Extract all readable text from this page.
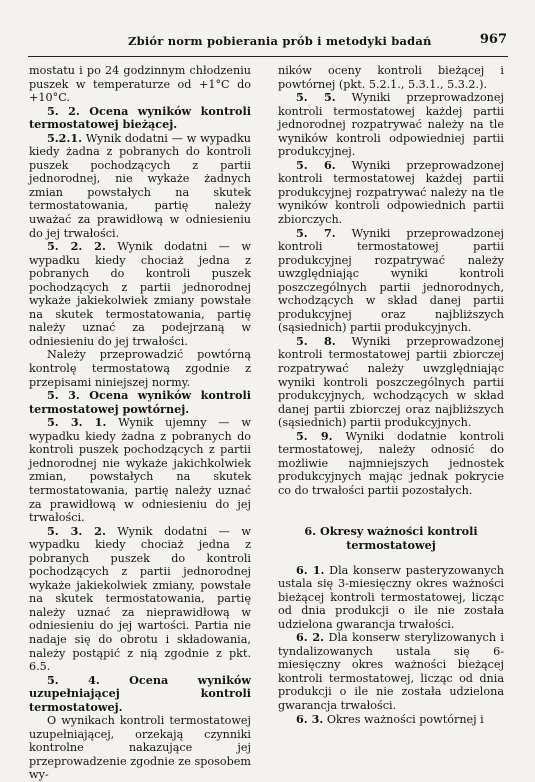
Zbiór norm pobierania prób i metodyki badań	967

mostatu i po 24 godzinnym chłodzeniu puszek w temperaturze od +1°C do +10°C.

5. 2. Ocena wyników kontroli termostatowej bieżącej.

5.2.1. Wynik dodatni — w wypadku kiedy żadna z pobranych do kontroli puszek pochodzących z partii jednorodnej, nie wykaże żadnych zmian powstałych na skutek termostatowania, partię należy uważać za prawidłową w odniesieniu do jej trwałości.

5. 2. 2. Wynik dodatni — w wypadku kiedy chociaż jedna z pobranych do kontroli puszek pochodzących z partii jednorodnej wykaże jakiekolwiek zmiany powstałe na skutek termostatowania, partię należy uznać za podejrzaną w odniesieniu do jej trwałości.

Należy przeprowadzić powtórną kontrolę termostatową zgodnie z przepisami niniejszej normy.

5. 3. Ocena wyników kontroli termostatowej powtórnej.

5. 3. 1. Wynik ujemny — w wypadku kiedy żadna z pobranych do kontroli puszek pochodzących z partii jednorodnej nie wykaże jakichkolwiek zmian, powstałych na skutek termostatowania, partię należy uznać za prawidłową w odniesieniu do jej trwałości.

5. 3. 2. Wynik dodatni — w wypadku kiedy chociaż jedna z pobranych puszek do kontroli pochodzących z partii jednorodnej wykaże jakiekolwiek zmiany, powstałe na skutek termostatowania, partię należy uznać za nieprawidłową w odniesieniu do jej wartości. Partia nie nadaje się do obrotu i składowania, należy postąpić z nią zgodnie z pkt. 6.5.

5. 4. Ocena wyników uzupełniającej kontroli termostatowej.

O wynikach kontroli termostatowej uzupełniającej, orzekają czynniki kontrolne nakazujące jej przeprowadzenie zgodnie ze sposobem wy-

ników oceny kontroli bieżącej i powtórnej (pkt. 5.2.1., 5.3.1., 5.3.2.).

5. 5. Wyniki przeprowadzonej kontroli termostatowej każdej partii jednorodnej rozpatrywać należy na tle wyników kontroli odpowiedniej partii produkcyjnej.

5. 6. Wyniki przeprowadzonej kontroli termostatowej każdej partii produkcyjnej rozpatrywać należy na tle wyników kontroli odpowiednich partii zbiorczych.

5. 7. Wyniki przeprowadzonej kontroli termostatowej partii produkcyjnej rozpatrywać należy uwzględniając wyniki kontroli poszczególnych partii jednorodnych, wchodzących w skład danej partii produkcyjnej oraz najbliższych (sąsiednich) partii produkcyjnych.

5. 8. Wyniki przeprowadzonej kontroli termostatowej partii zbiorczej rozpatrywać należy uwzględniając wyniki kontroli poszczególnych partii produkcyjnych, wchodzących w skład danej partii zbiorczej oraz najbliższych (sąsiednich) partii produkcyjnych.

5. 9. Wyniki dodatnie kontroli termostatowej, należy odnosić do możliwie najmniejszych jednostek produkcyjnych mając jednak pokrycie co do trwałości partii pozostałych.

6. Okresy ważności kontroli termostatowej

6. 1. Dla konserw pasteryzowanych ustala się 3-miesięczny okres ważności bieżącej kontroli termostatowej, licząc od dnia produkcji o ile nie została udzielona gwarancja trwałości.

6. 2. Dla konserw sterylizowanych i tyndalizowanych ustala się 6-miesięczny okres ważności bieżącej kontroli termostatowej, licząc od dnia produkcji o ile nie została udzielona gwarancja trwałości.

6. 3. Okres ważności powtórnej i
